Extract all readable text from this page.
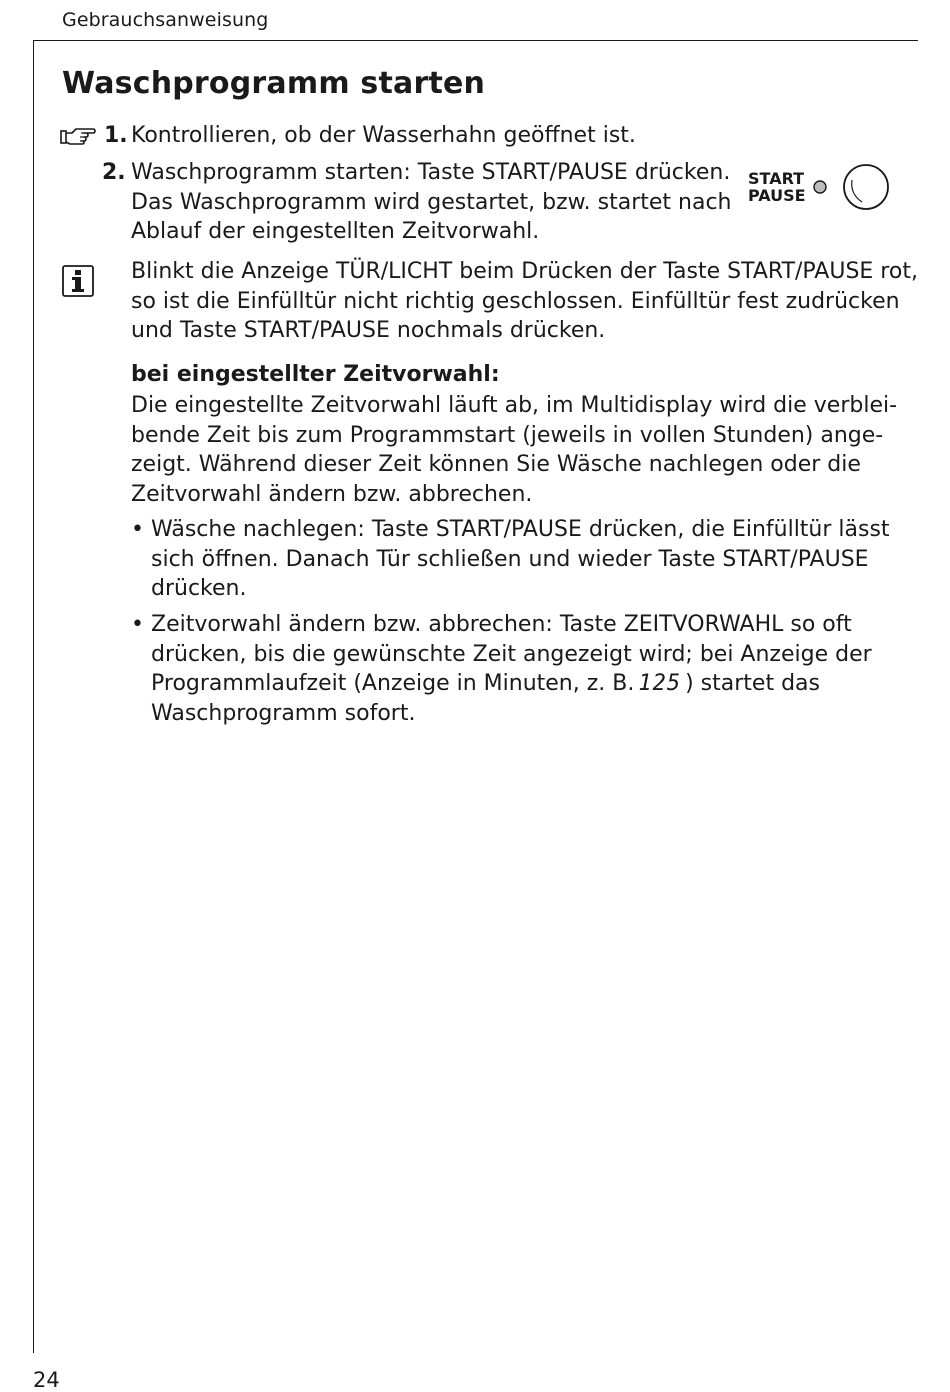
Gebrauchsanweisung
Waschprogramm starten
1. Kontrollieren, ob der Wasserhahn geöffnet ist.
2. Waschprogramm starten: Taste START/PAUSE drücken.
Das Waschprogramm wird gestartet, bzw. startet nach
Ablauf der eingestellten Zeitvorwahl.
START
PAUSE
Blinkt die Anzeige TÜR/LICHT beim Drücken der Taste START/PAUSE rot,
so ist die Einfülltür nicht richtig geschlossen. Einfülltür fest zudrücken
und Taste START/PAUSE nochmals drücken.
bei eingestellter Zeitvorwahl:
Die eingestellte Zeitvorwahl läuft ab, im Multidisplay wird die verblei-
bende Zeit bis zum Programmstart (jeweils in vollen Stunden) ange-
zeigt. Während dieser Zeit können Sie Wäsche nachlegen oder die
Zeitvorwahl ändern bzw. abbrechen.
• Wäsche nachlegen: Taste START/PAUSE drücken, die Einfülltür lässt
sich öffnen. Danach Tür schließen und wieder Taste START/PAUSE
drücken.
• Zeitvorwahl ändern bzw. abbrechen: Taste ZEITVORWAHL so oft
drücken, bis die gewünschte Zeit angezeigt wird; bei Anzeige der
Programmlaufzeit (Anzeige in Minuten, z. B. 125 ) startet das
Waschprogramm sofort.
24
